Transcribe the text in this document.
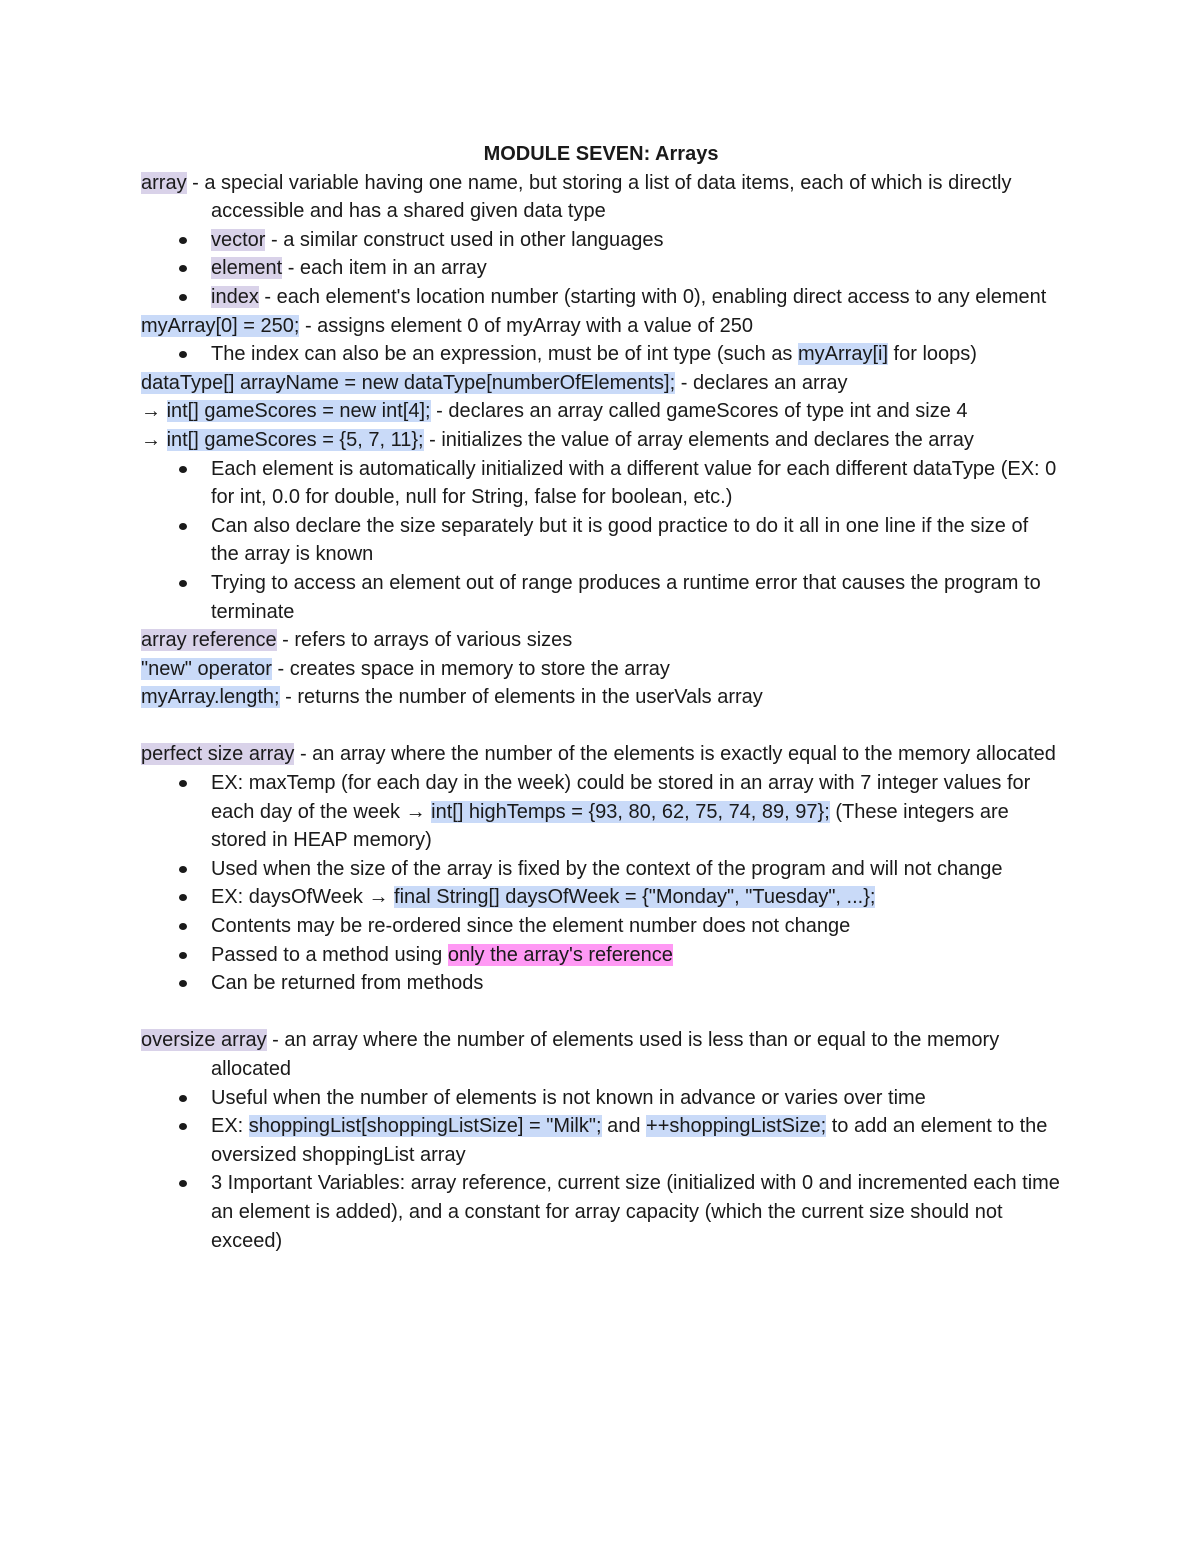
MODULE SEVEN: Arrays

array - a special variable having one name, but storing a list of data items, each of which is directly accessible and has a shared given data type

vector - a similar construct used in other languages
element - each item in an array
index - each element's location number (starting with 0), enabling direct access to any element

myArray[0] = 250; - assigns element 0 of myArray with a value of 250

The index can also be an expression, must be of int type (such as myArray[i] for loops)

dataType[] arrayName = new dataType[numberOfElements]; - declares an array

→ int[] gameScores = new int[4]; - declares an array called gameScores of type int and size 4

→ int[] gameScores = {5, 7, 11}; - initializes the value of array elements and declares the array

Each element is automatically initialized with a different value for each different dataType (EX: 0 for int, 0.0 for double, null for String, false for boolean, etc.)
Can also declare the size separately but it is good practice to do it all in one line if the size of the array is known
Trying to access an element out of range produces a runtime error that causes the program to terminate

array reference - refers to arrays of various sizes

"new" operator - creates space in memory to store the array

myArray.length; - returns the number of elements in the userVals array

perfect size array - an array where the number of the elements is exactly equal to the memory allocated

EX: maxTemp (for each day in the week) could be stored in an array with 7 integer values for each day of the week → int[] highTemps = {93, 80, 62, 75, 74, 89, 97}; (These integers are stored in HEAP memory)
Used when the size of the array is fixed by the context of the program and will not change
EX: daysOfWeek → final String[] daysOfWeek = {"Monday", "Tuesday", ...};
Contents may be re-ordered since the element number does not change
Passed to a method using only the array's reference
Can be returned from methods

oversize array - an array where the number of elements used is less than or equal to the memory allocated

Useful when the number of elements is not known in advance or varies over time
EX: shoppingList[shoppingListSize] = "Milk"; and ++shoppingListSize; to add an element to the oversized shoppingList array
3 Important Variables: array reference, current size (initialized with 0 and incremented each time an element is added), and a constant for array capacity (which the current size should not exceed)
